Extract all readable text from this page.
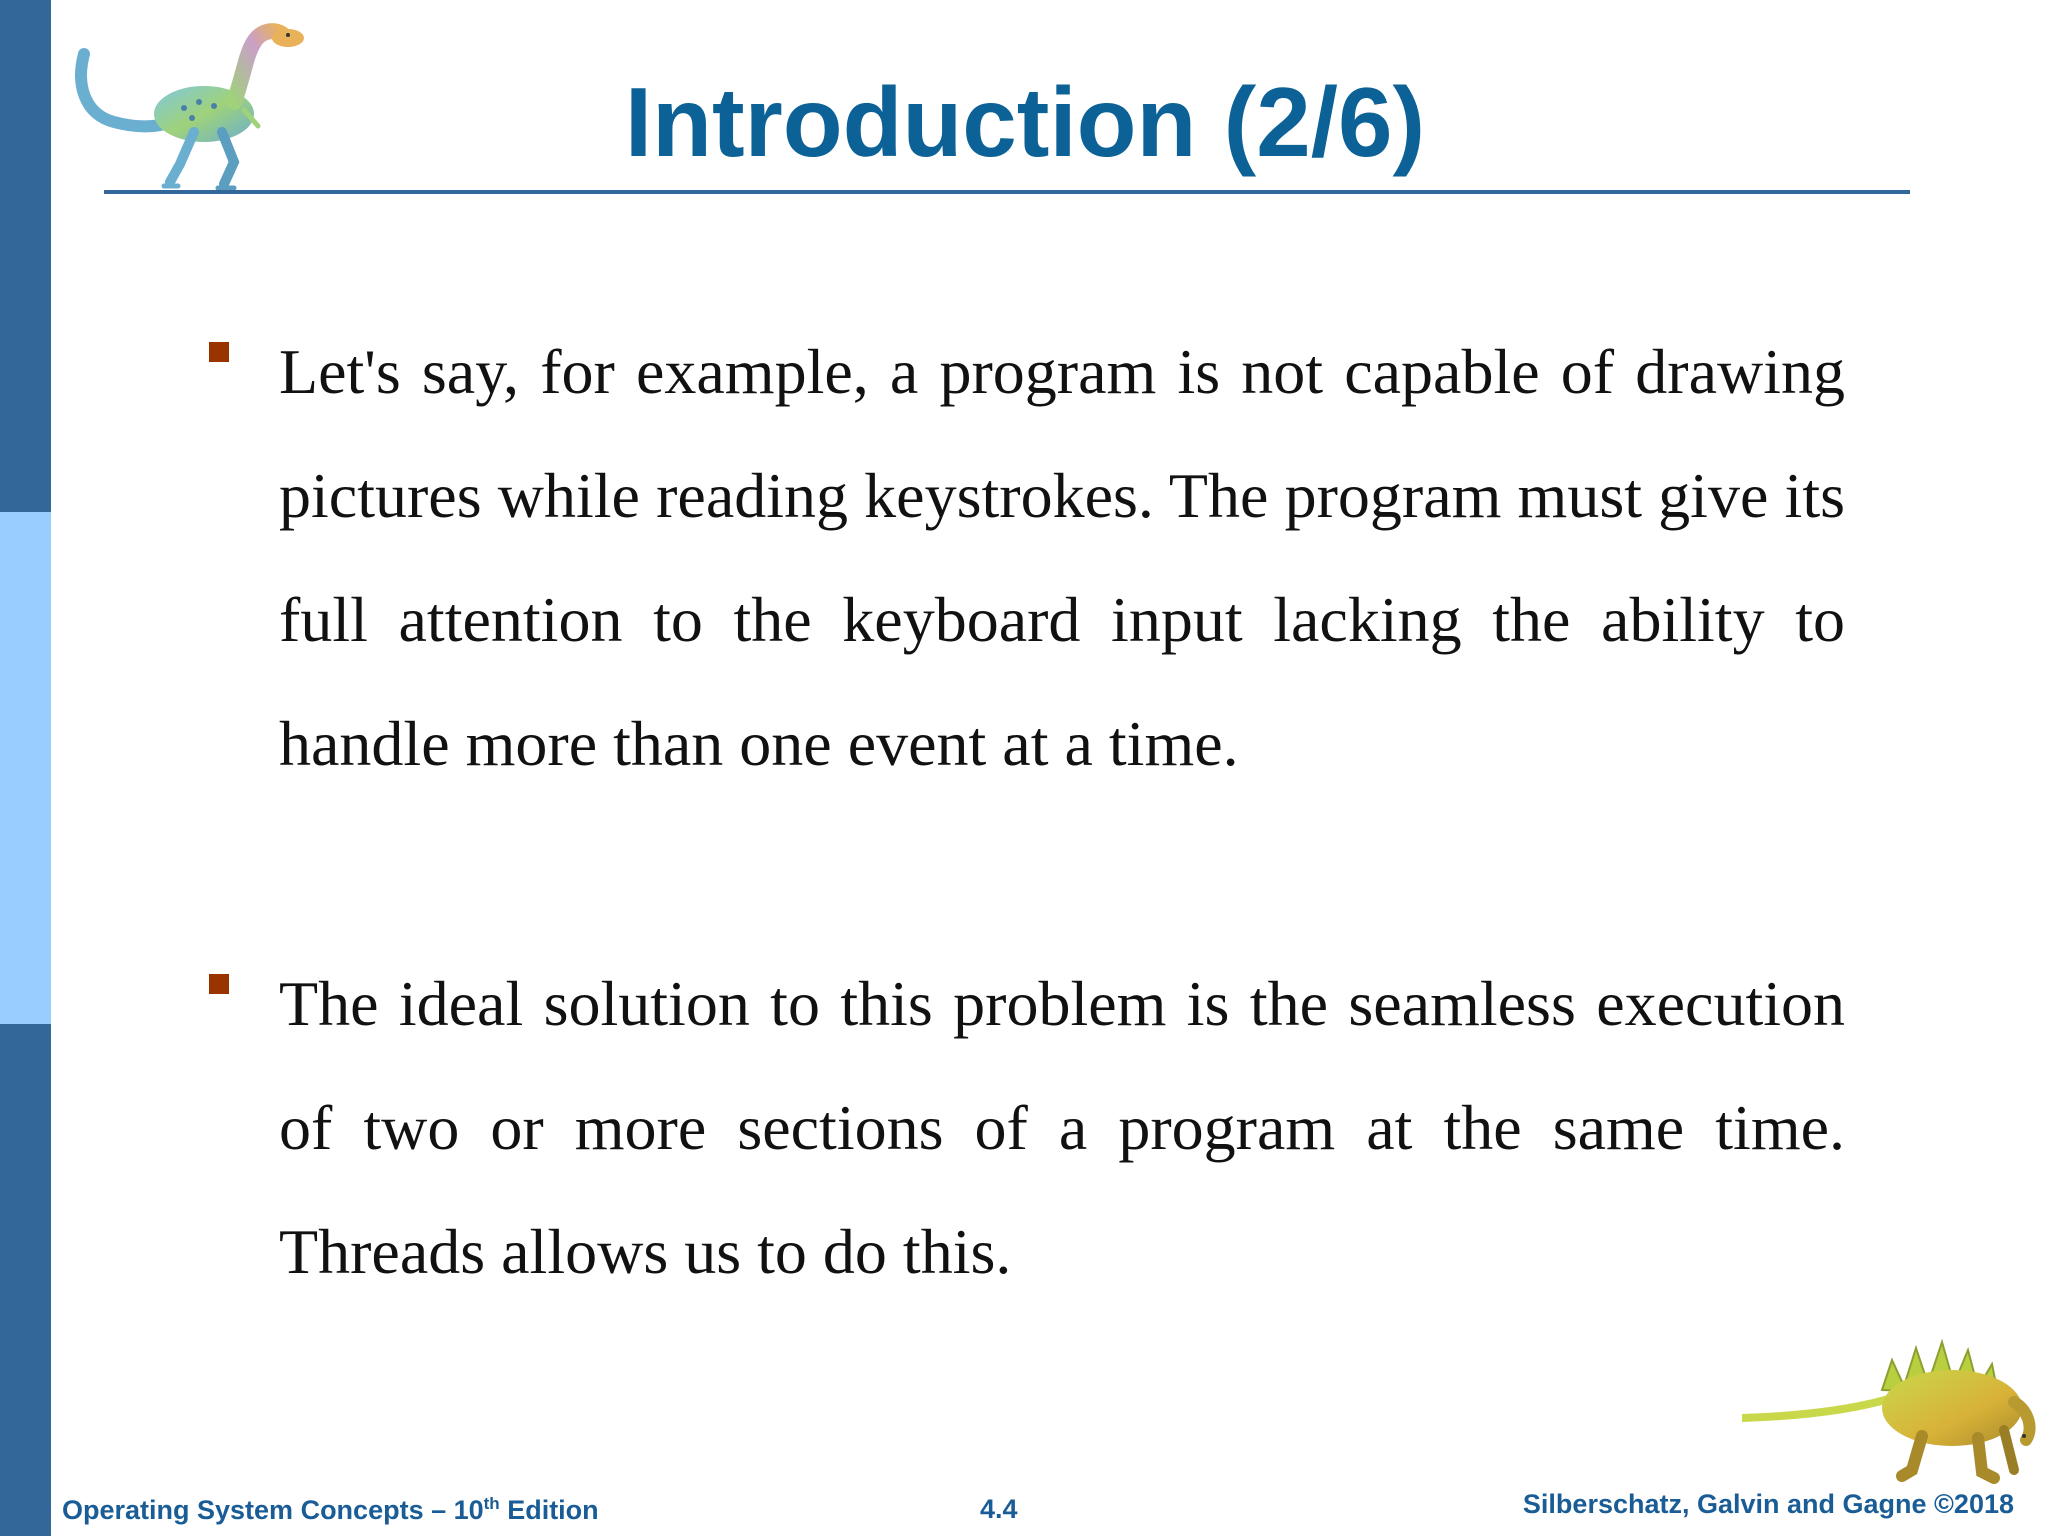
Introduction (2/6)
Let's say, for example, a program is not capable of drawing pictures while reading keystrokes. The program must give its full attention to the keyboard input lacking the ability to handle more than one event at a time.
The ideal solution to this problem is the seamless execution of two or more sections of a program at the same time. Threads allows us to do this.
Operating System Concepts – 10th Edition	4.4	Silberschatz, Galvin and Gagne ©2018
